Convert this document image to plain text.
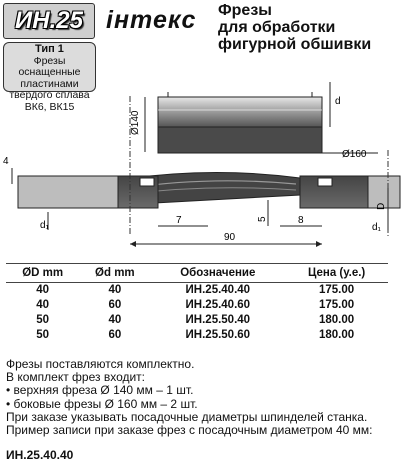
ИН.25 інтекс Фрезы
для обработки
фигурной обшивки
Тип 1
Фрезы оснащенные
пластинами
твердого сплава
ВК6, ВК15
Ø140
d
Ø160
4
D
5
7	8
d₁	d₁
90
ØD mm	Ød mm	Обозначение	Цена (у.е.)
40	40	ИН.25.40.40	175.00
40	60	ИН.25.40.60	175.00
50	40	ИН.25.50.40	180.00
50	60	ИН.25.50.60	180.00
Фрезы поставляются комплектно.
В комплект фрез входит:
• верхняя фреза Ø 140 мм – 1 шт.
• боковые фрезы Ø 160 мм – 2 шт.
При заказе указывать посадочные диаметры шпинделей станка.
Пример записи при заказе фрез с посадочным диаметром 40 мм:
ИН.25.40.40
